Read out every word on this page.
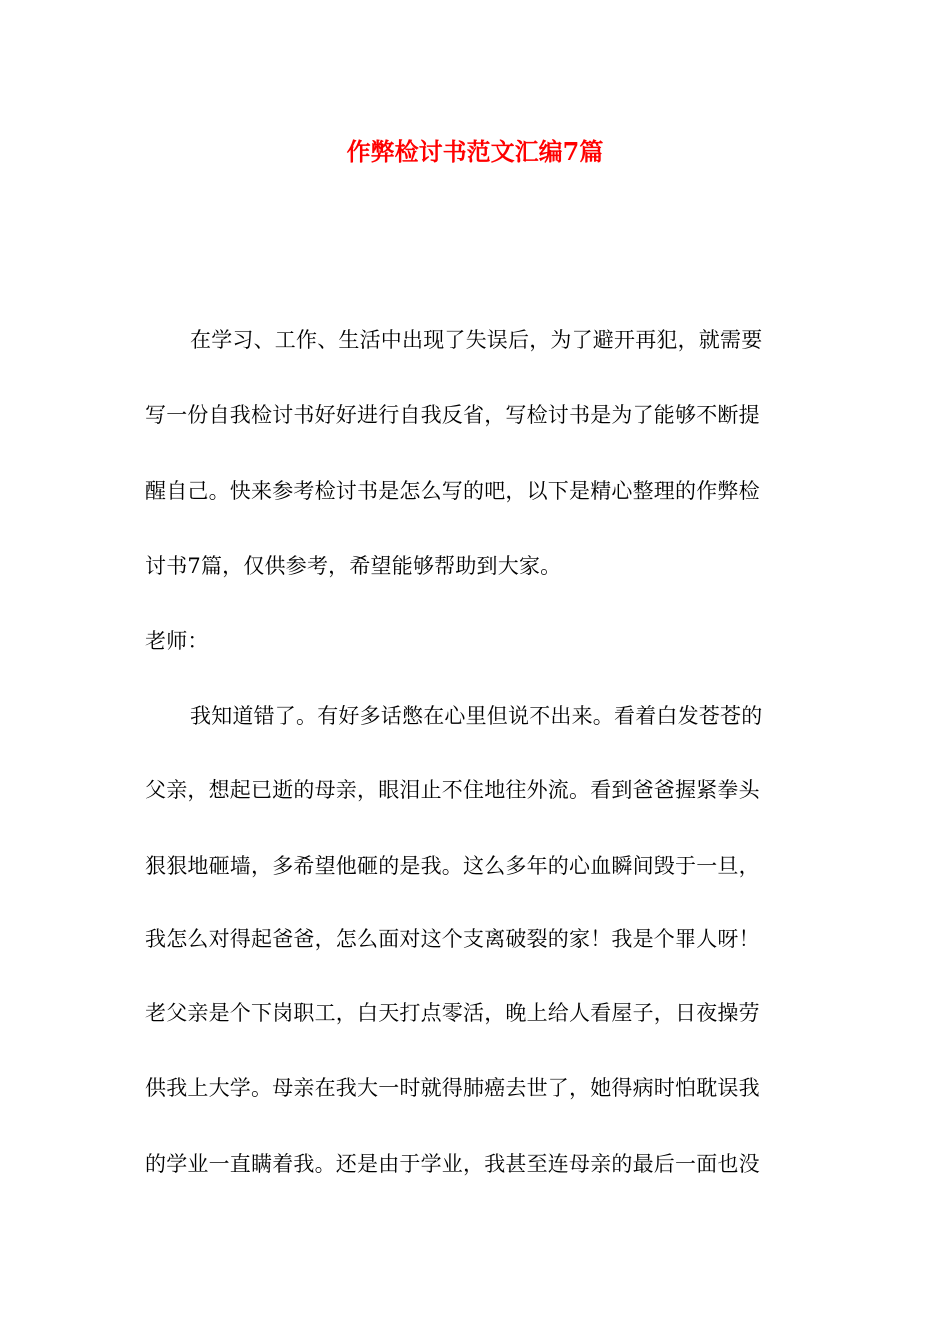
作弊检讨书范文汇编7篇
在学习、工作、生活中出现了失误后，为了避开再犯，就需要
写一份自我检讨书好好进行自我反省，写检讨书是为了能够不断提
醒自己。快来参考检讨书是怎么写的吧，以下是精心整理的作弊检
讨书7篇，仅供参考，希望能够帮助到大家。
老师：
我知道错了。有好多话憋在心里但说不出来。看着白发苍苍的
父亲，想起已逝的母亲，眼泪止不住地往外流。看到爸爸握紧拳头
狠狠地砸墙，多希望他砸的是我。这么多年的心血瞬间毁于一旦，
我怎么对得起爸爸，怎么面对这个支离破裂的家！我是个罪人呀！
老父亲是个下岗职工，白天打点零活，晚上给人看屋子，日夜操劳
供我上大学。母亲在我大一时就得肺癌去世了，她得病时怕耽误我
的学业一直瞒着我。还是由于学业，我甚至连母亲的最后一面也没
